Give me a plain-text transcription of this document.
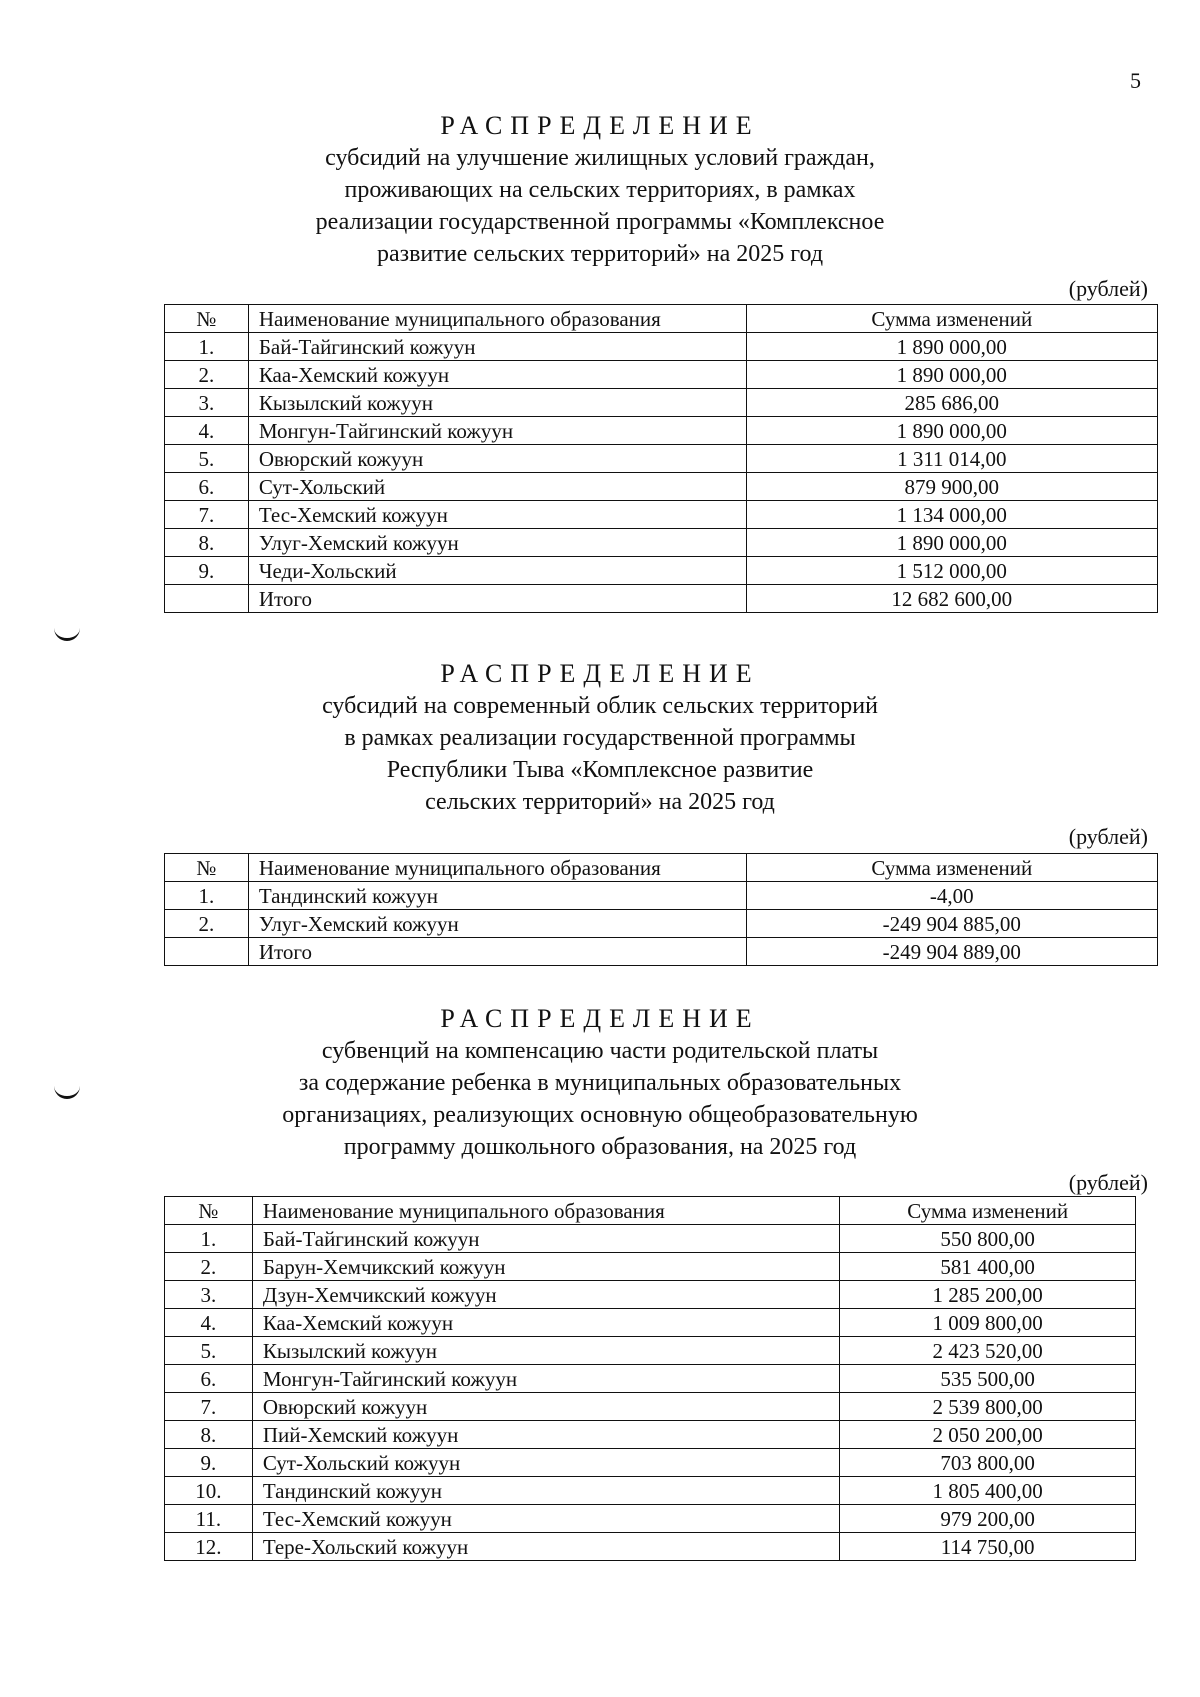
5

РАСПРЕДЕЛЕНИЕ

субсидий на улучшение жилищных условий граждан,

проживающих на сельских территориях, в рамках

реализации государственной программы «Комплексное

развитие сельских территорий» на 2025 год

(рублей)
№	Наименование муниципального образования	Сумма изменений
1.	Бай-Тайгинский кожуун	1 890 000,00
2.	Каа-Хемский кожуун	1 890 000,00
3.	Кызылский кожуун	285 686,00
4.	Монгун-Тайгинский кожуун	1 890 000,00
5.	Овюрский кожуун	1 311 014,00
6.	Сут-Хольский	879 900,00
7.	Тес-Хемский кожуун	1 134 000,00
8.	Улуг-Хемский кожуун	1 890 000,00
9.	Чеди-Хольский	1 512 000,00
	Итого	12 682 600,00

РАСПРЕДЕЛЕНИЕ

субсидий на современный облик сельских территорий

в рамках реализации государственной программы

Республики Тыва «Комплексное развитие

сельских территорий» на 2025 год

(рублей)
№	Наименование муниципального образования	Сумма изменений
1.	Тандинский кожуун	-4,00
2.	Улуг-Хемский кожуун	-249 904 885,00
	Итого	-249 904 889,00

РАСПРЕДЕЛЕНИЕ

субвенций на компенсацию части родительской платы

за содержание ребенка в муниципальных образовательных

организациях, реализующих основную общеобразовательную

программу дошкольного образования, на 2025 год

(рублей)
№	Наименование муниципального образования	Сумма изменений
1.	Бай-Тайгинский кожуун	550 800,00
2.	Барун-Хемчикский кожуун	581 400,00
3.	Дзун-Хемчикский кожуун	1 285 200,00
4.	Каа-Хемский кожуун	1 009 800,00
5.	Кызылский кожуун	2 423 520,00
6.	Монгун-Тайгинский кожуун	535 500,00
7.	Овюрский кожуун	2 539 800,00
8.	Пий-Хемский кожуун	2 050 200,00
9.	Сут-Хольский кожуун	703 800,00
10.	Тандинский кожуун	1 805 400,00
11.	Тес-Хемский кожуун	979 200,00
12.	Тере-Хольский кожуун	114 750,00
